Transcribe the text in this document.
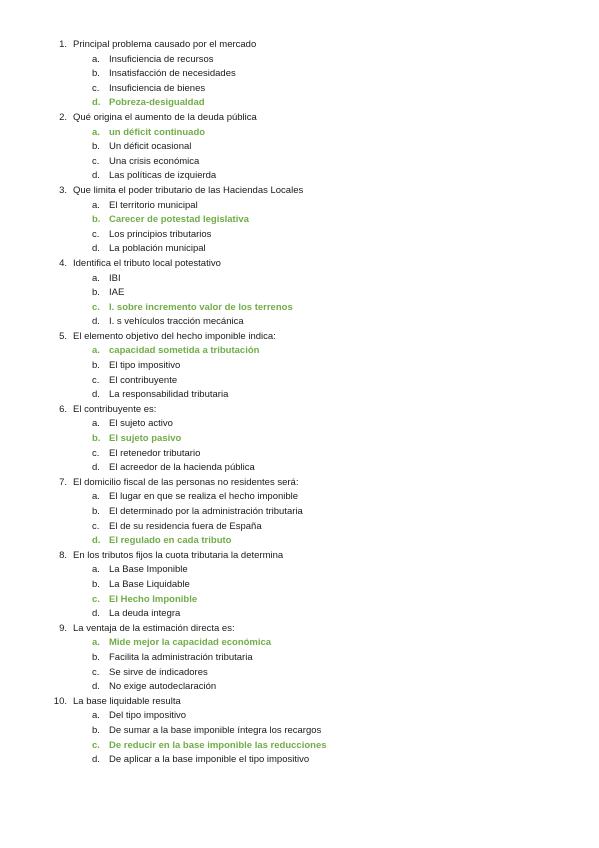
1. Principal problema causado por el mercado
a. Insuficiencia de recursos
b. Insatisfacción de necesidades
c.	Insuficiencia de bienes
d. Pobreza-desigualdad
2. Qué origina el aumento de la deuda pública
a. un déficit continuado
b. Un déficit ocasional
c.	Una crisis económica
d. Las políticas de izquierda
3. Que limita el poder tributario de las Haciendas Locales
a. El territorio municipal
b. Carecer de potestad legislativa
c.	Los principios tributarios
d. La población municipal
4. Identifica el tributo local potestativo
a. IBI
b. IAE
c. I. sobre incremento valor de los terrenos
d. I. s vehículos tracción mecánica
5. El elemento objetivo del hecho imponible indica:
a. capacidad sometida a tributación
b. El tipo impositivo
c.	El contribuyente
d. La responsabilidad tributaria
6. El contribuyente es:
a. El sujeto activo
b. El sujeto pasivo
c.	El retenedor tributario
d. El acreedor de la hacienda pública
7. El domicilio fiscal de las personas no residentes será:
a. El lugar en que se realiza el hecho imponible
b. El determinado por la administración tributaria
c.	El de su residencia fuera de España
d. El regulado en cada tributo
8. En los tributos fijos la cuota tributaria la determina
a. La Base Imponible
b. La Base Liquidable
c. El Hecho Imponible
d. La deuda integra
9. La ventaja de la estimación directa es:
a. Mide mejor la capacidad económica
b. Facilita la administración tributaria
c.	Se sirve de indicadores
d. No exige autodeclaración
10. La base liquidable resulta
a. Del tipo impositivo
b. De sumar a la base imponible íntegra los recargos
c. De reducir en la base imponible las reducciones
d. De aplicar a la base imponible el tipo impositivo
